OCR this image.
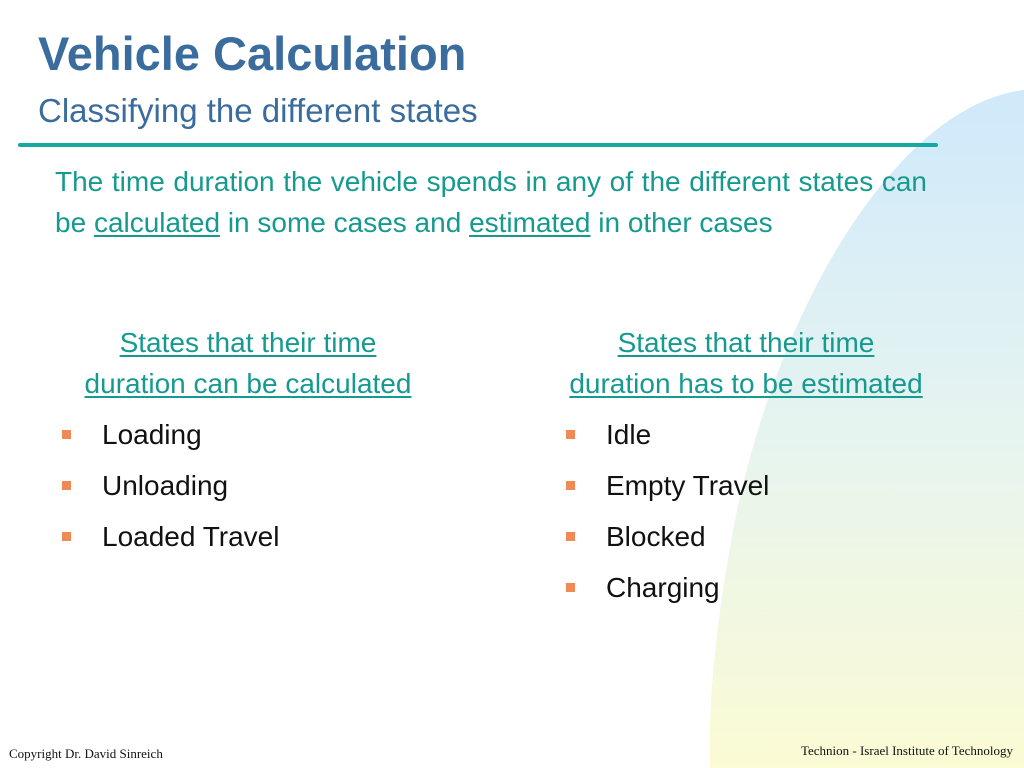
Vehicle Calculation
Classifying the different states

The time duration the vehicle spends in any of the different states can be calculated in some cases and estimated in other cases

States that their time
duration can be calculated
Loading
Unloading
Loaded Travel
States that their time
duration has to be estimated
Idle
Empty Travel
Blocked
Charging
Copyright Dr. David Sinreich	Technion - Israel Institute of Technology
